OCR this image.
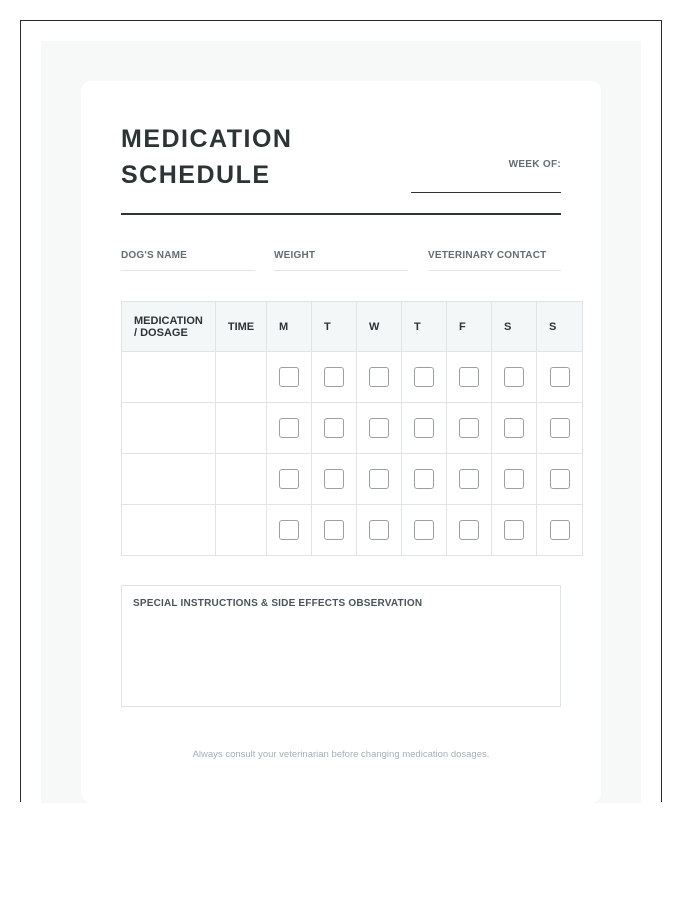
MEDICATION
SCHEDULE	WEEK OF:
DOG'S NAME	WEIGHT	VETERINARY CONTACT
MEDICATION
/ DOSAGE	TIME	M	T	W	T	F	S	S

SPECIAL INSTRUCTIONS & SIDE EFFECTS OBSERVATION
Always consult your veterinarian before changing medication dosages.
